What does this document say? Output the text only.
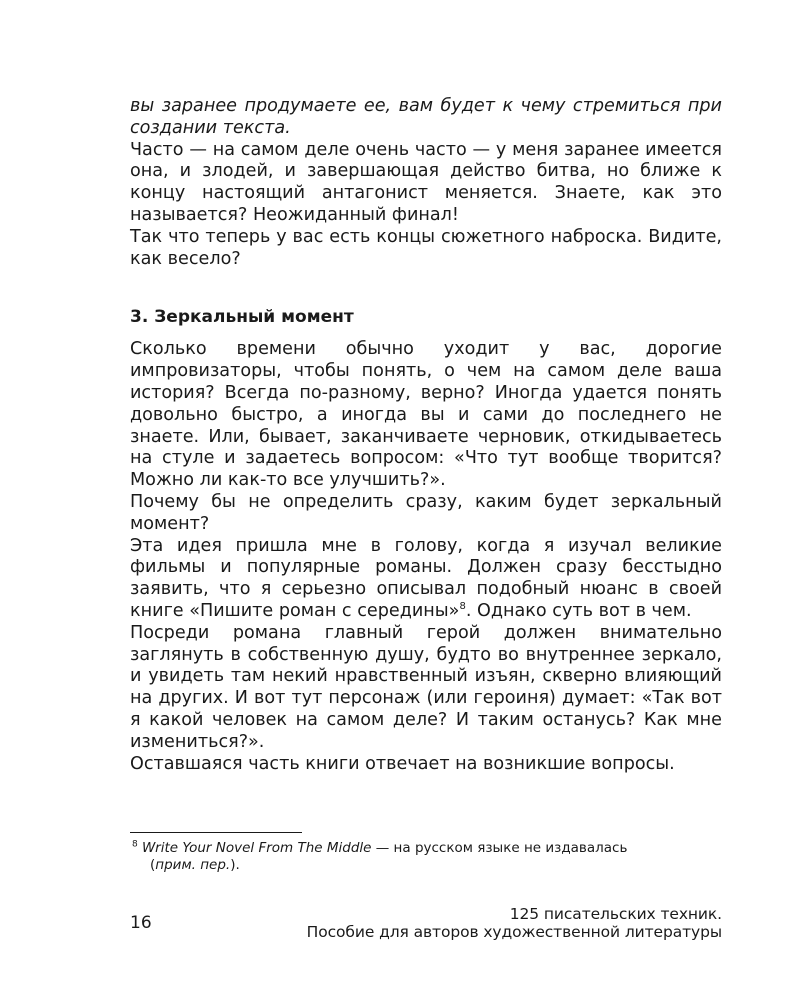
вы заранее продумаете ее, вам будет к чему стремиться при создании текста.

Часто — на самом деле очень часто — у меня заранее имеется она, и злодей, и завершающая действо битва, но ближе к концу настоящий антагонист меняется. Знаете, как это называется? Неожиданный финал!

Так что теперь у вас есть концы сюжетного наброска. Видите, как весело?

3. Зеркальный момент

Сколько времени обычно уходит у вас, дорогие импровизаторы, чтобы понять, о чем на самом деле ваша история? Всегда по-разному, верно? Иногда удается понять довольно быстро, а иногда вы и сами до последнего не знаете. Или, бывает, заканчиваете черновик, откидываетесь на стуле и задаетесь вопросом: «Что тут вообще творится? Можно ли как-то все улучшить?».

Почему бы не определить сразу, каким будет зеркальный момент?

Эта идея пришла мне в голову, когда я изучал великие фильмы и популярные романы. Должен сразу бесстыдно заявить, что я серьезно описывал подобный нюанс в своей книге «Пишите роман с середины»$^8$. Однако суть вот в чем.

Посреди романа главный герой должен внимательно заглянуть в собственную душу, будто во внутреннее зеркало, и увидеть там некий нравственный изъян, скверно влияющий на других. И вот тут персонаж (или героиня) думает: «Так вот я какой человек на самом деле? И таким останусь? Как мне измениться?».

Оставшаяся часть книги отвечает на возникшие вопросы.

$^8$ Write Your Novel From The Middle — на русском языке не издавалась
(прим. пер.).
16	125 писательских техник.
Пособие для авторов художественной литературы
